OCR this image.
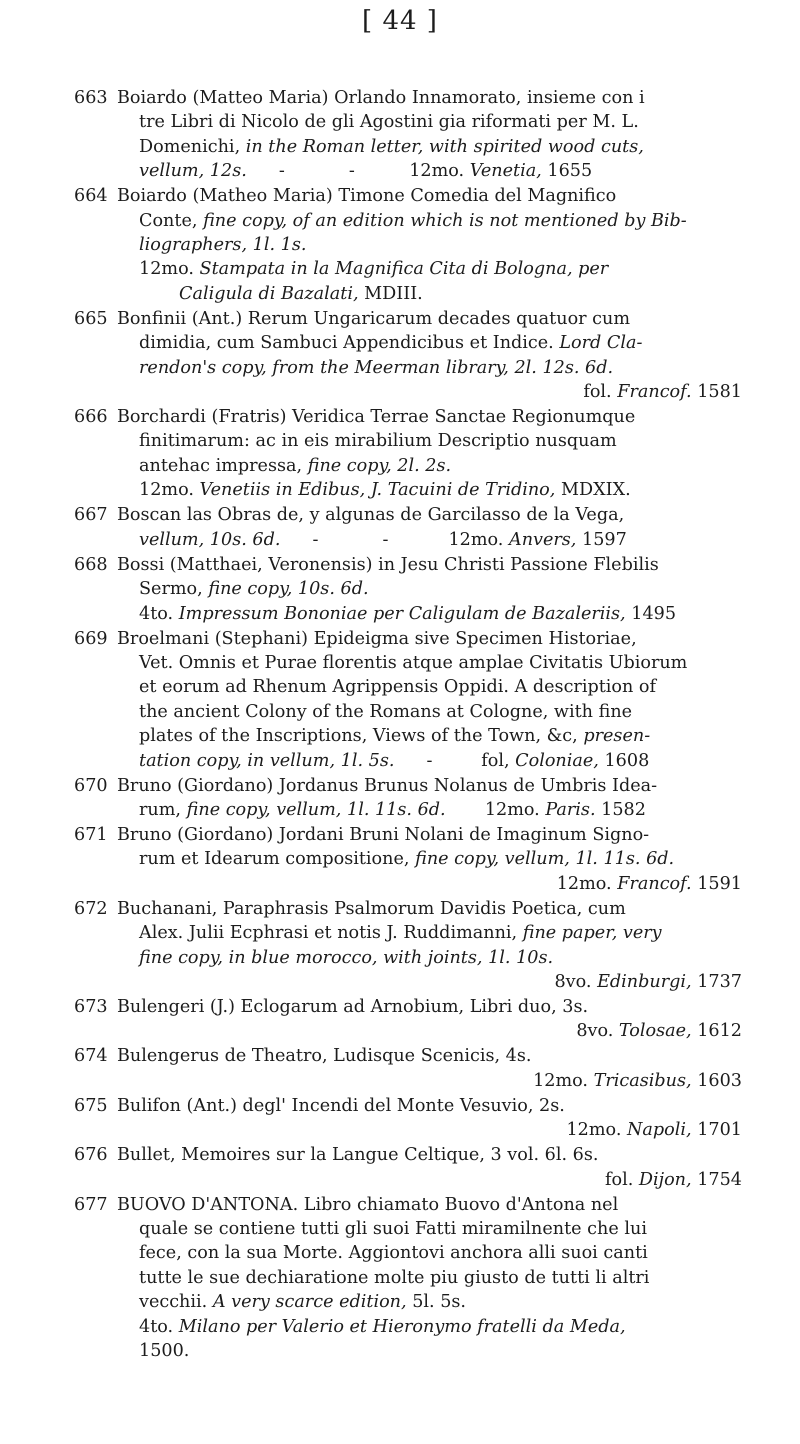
[ 44 ]
663 Boiardo (Matteo Maria) Orlando Innamorato, insieme con i
tre Libri di Nicolo de gli Agostini gia riformati per M. L.
Domenichi, in the Roman letter, with spirited wood cuts,
vellum, 12s. -	-	12mo. Venetia, 1655
664 Boiardo (Matheo Maria) Timone Comedia del Magnifico
Conte, fine copy, of an edition which is not mentioned by Bib-
liographers, 1l. 1s.
12mo. Stampata in la Magnifica Cita di Bologna, per
Caligula di Bazalati, MDIII.
665 Bonfinii (Ant.) Rerum Ungaricarum decades quatuor cum
dimidia, cum Sambuci Appendicibus et Indice. Lord Cla-
rendon's copy, from the Meerman library, 2l. 12s. 6d.
fol. Francof. 1581
666 Borchardi (Fratris) Veridica Terrae Sanctae Regionumque
finitimarum: ac in eis mirabilium Descriptio nusquam
antehac impressa, fine copy, 2l. 2s.
12mo. Venetiis in Edibus, J. Tacuini de Tridino, MDXIX.
667 Boscan las Obras de, y algunas de Garcilasso de la Vega,
vellum, 10s. 6d. -	-	12mo. Anvers, 1597
668 Bossi (Matthaei, Veronensis) in Jesu Christi Passione Flebilis
Sermo, fine copy, 10s. 6d.
4to. Impressum Bononiae per Caligulam de Bazaleriis, 1495
669 Broelmani (Stephani) Epideigma sive Specimen Historiae,
Vet. Omnis et Purae florentis atque amplae Civitatis Ubiorum
et eorum ad Rhenum Agrippensis Oppidi. A description of
the ancient Colony of the Romans at Cologne, with fine
plates of the Inscriptions, Views of the Town, &c, presen-
tation copy, in vellum, 1l. 5s. -	fol, Coloniae, 1608
670 Bruno (Giordano) Jordanus Brunus Nolanus de Umbris Idea-
rum, fine copy, vellum, 1l. 11s. 6d. 12mo. Paris. 1582
671 Bruno (Giordano) Jordani Bruni Nolani de Imaginum Signo-
rum et Idearum compositione, fine copy, vellum, 1l. 11s. 6d.
12mo. Francof. 1591
672 Buchanani, Paraphrasis Psalmorum Davidis Poetica, cum
Alex. Julii Ecphrasi et notis J. Ruddimanni, fine paper, very
fine copy, in blue morocco, with joints, 1l. 10s.
8vo. Edinburgi, 1737
673 Bulengeri (J.) Eclogarum ad Arnobium, Libri duo, 3s.
8vo. Tolosae, 1612
674 Bulengerus de Theatro, Ludisque Scenicis, 4s.
12mo. Tricasibus, 1603
675 Bulifon (Ant.) degl' Incendi del Monte Vesuvio, 2s.
12mo. Napoli, 1701
676 Bullet, Memoires sur la Langue Celtique, 3 vol. 6l. 6s.
fol. Dijon, 1754
677 BUOVO D'ANTONA. Libro chiamato Buovo d'Antona nel
quale se contiene tutti gli suoi Fatti miramilnente che lui
fece, con la sua Morte. Aggiontovi anchora alli suoi canti
tutte le sue dechiaratione molte piu giusto de tutti li altri
vecchii. A very scarce edition, 5l. 5s.
4to. Milano per Valerio et Hieronymo fratelli da Meda,
1500.
